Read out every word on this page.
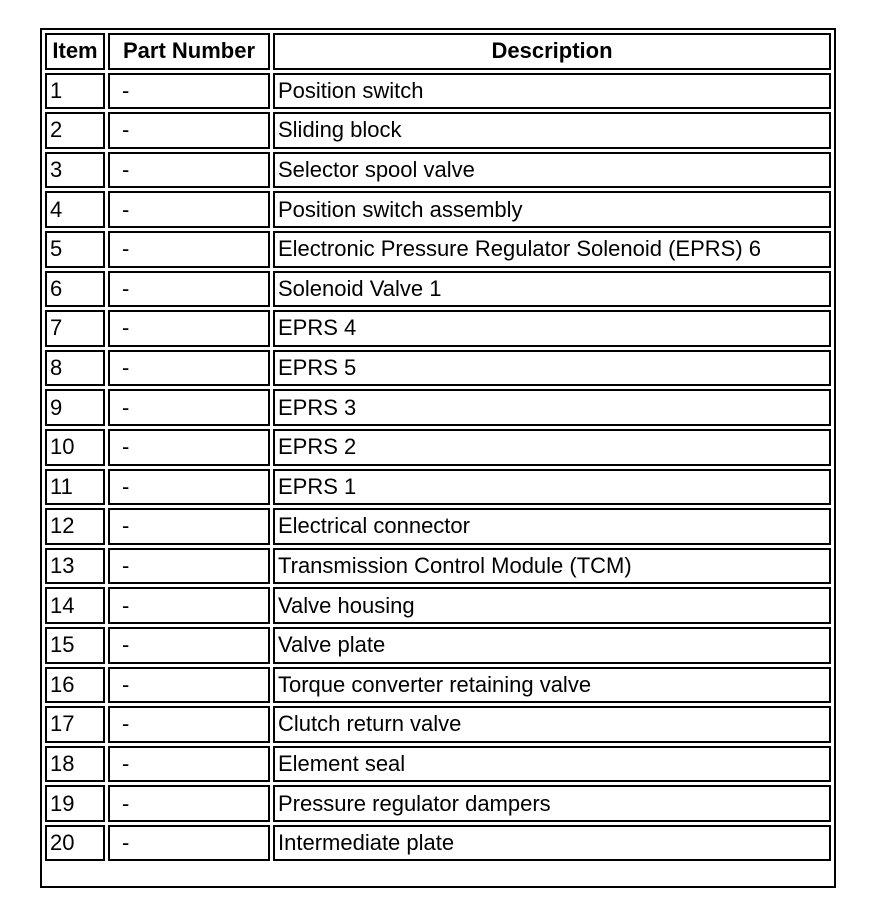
Item	Part Number	Description
1	-	Position switch
2	-	Sliding block
3	-	Selector spool valve
4	-	Position switch assembly
5	-	Electronic Pressure Regulator Solenoid (EPRS) 6
6	-	Solenoid Valve 1
7	-	EPRS 4
8	-	EPRS 5
9	-	EPRS 3
10	-	EPRS 2
11	-	EPRS 1
12	-	Electrical connector
13	-	Transmission Control Module (TCM)
14	-	Valve housing
15	-	Valve plate
16	-	Torque converter retaining valve
17	-	Clutch return valve
18	-	Element seal
19	-	Pressure regulator dampers
20	-	Intermediate plate
